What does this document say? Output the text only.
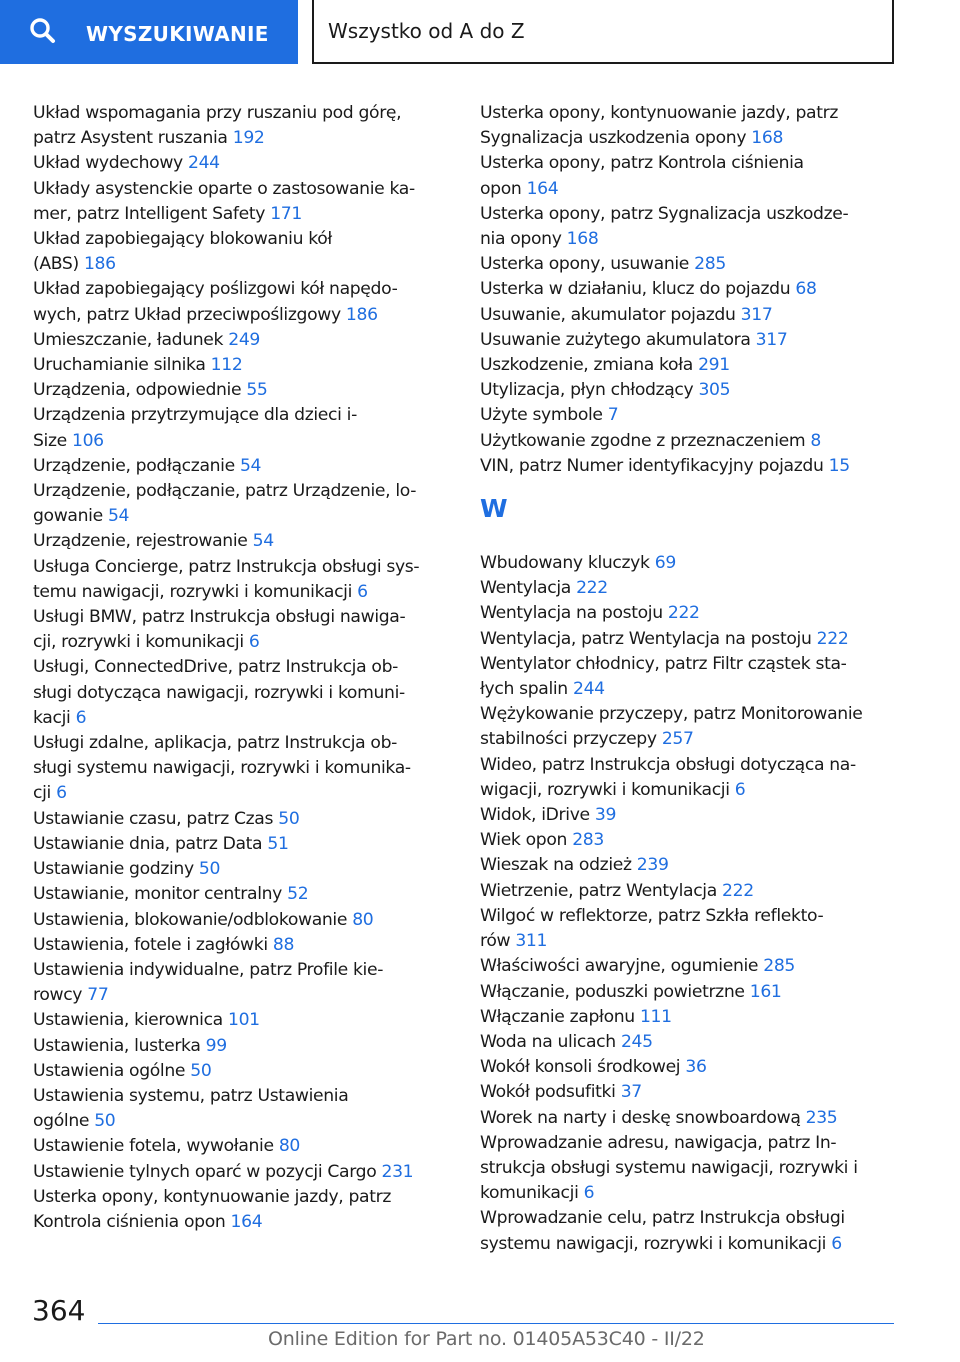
WYSZUKIWANIE	Wszystko od A do Z
Układ wspomagania przy ruszaniu pod górę,
patrz Asystent ruszania 192
Układ wydechowy 244
Układy asystenckie oparte o zastosowanie ka-
mer, patrz Intelligent Safety 171
Układ zapobiegający blokowaniu kół
(ABS) 186
Układ zapobiegający poślizgowi kół napędo-
wych, patrz Układ przeciwpoślizgowy 186
Umieszczanie, ładunek 249
Uruchamianie silnika 112
Urządzenia, odpowiednie 55
Urządzenia przytrzymujące dla dzieci i-
Size 106
Urządzenie, podłączanie 54
Urządzenie, podłączanie, patrz Urządzenie, lo-
gowanie 54
Urządzenie, rejestrowanie 54
Usługa Concierge, patrz Instrukcja obsługi sys-
temu nawigacji, rozrywki i komunikacji 6
Usługi BMW, patrz Instrukcja obsługi nawiga-
cji, rozrywki i komunikacji 6
Usługi, ConnectedDrive, patrz Instrukcja ob-
sługi dotycząca nawigacji, rozrywki i komuni-
kacji 6
Usługi zdalne, aplikacja, patrz Instrukcja ob-
sługi systemu nawigacji, rozrywki i komunika-
cji 6
Ustawianie czasu, patrz Czas 50
Ustawianie dnia, patrz Data 51
Ustawianie godziny 50
Ustawianie, monitor centralny 52
Ustawienia, blokowanie/odblokowanie 80
Ustawienia, fotele i zagłówki 88
Ustawienia indywidualne, patrz Profile kie-
rowcy 77
Ustawienia, kierownica 101
Ustawienia, lusterka 99
Ustawienia ogólne 50
Ustawienia systemu, patrz Ustawienia
ogólne 50
Ustawienie fotela, wywołanie 80
Ustawienie tylnych oparć w pozycji Cargo 231
Usterka opony, kontynuowanie jazdy, patrz
Kontrola ciśnienia opon 164
Usterka opony, kontynuowanie jazdy, patrz
Sygnalizacja uszkodzenia opony 168
Usterka opony, patrz Kontrola ciśnienia
opon 164
Usterka opony, patrz Sygnalizacja uszkodze-
nia opony 168
Usterka opony, usuwanie 285
Usterka w działaniu, klucz do pojazdu 68
Usuwanie, akumulator pojazdu 317
Usuwanie zużytego akumulatora 317
Uszkodzenie, zmiana koła 291
Utylizacja, płyn chłodzący 305
Użyte symbole 7
Użytkowanie zgodne z przeznaczeniem 8
VIN, patrz Numer identyfikacyjny pojazdu 15
W
Wbudowany kluczyk 69
Wentylacja 222
Wentylacja na postoju 222
Wentylacja, patrz Wentylacja na postoju 222
Wentylator chłodnicy, patrz Filtr cząstek sta-
łych spalin 244
Wężykowanie przyczepy, patrz Monitorowanie
stabilności przyczepy 257
Wideo, patrz Instrukcja obsługi dotycząca na-
wigacji, rozrywki i komunikacji 6
Widok, iDrive 39
Wiek opon 283
Wieszak na odzież 239
Wietrzenie, patrz Wentylacja 222
Wilgoć w reflektorze, patrz Szkła reflekto-
rów 311
Właściwości awaryjne, ogumienie 285
Włączanie, poduszki powietrzne 161
Włączanie zapłonu 111
Woda na ulicach 245
Wokół konsoli środkowej 36
Wokół podsufitki 37
Worek na narty i deskę snowboardową 235
Wprowadzanie adresu, nawigacja, patrz In-
strukcja obsługi systemu nawigacji, rozrywki i
komunikacji 6
Wprowadzanie celu, patrz Instrukcja obsługi
systemu nawigacji, rozrywki i komunikacji 6
364
Online Edition for Part no. 01405A53C40 - II/22
